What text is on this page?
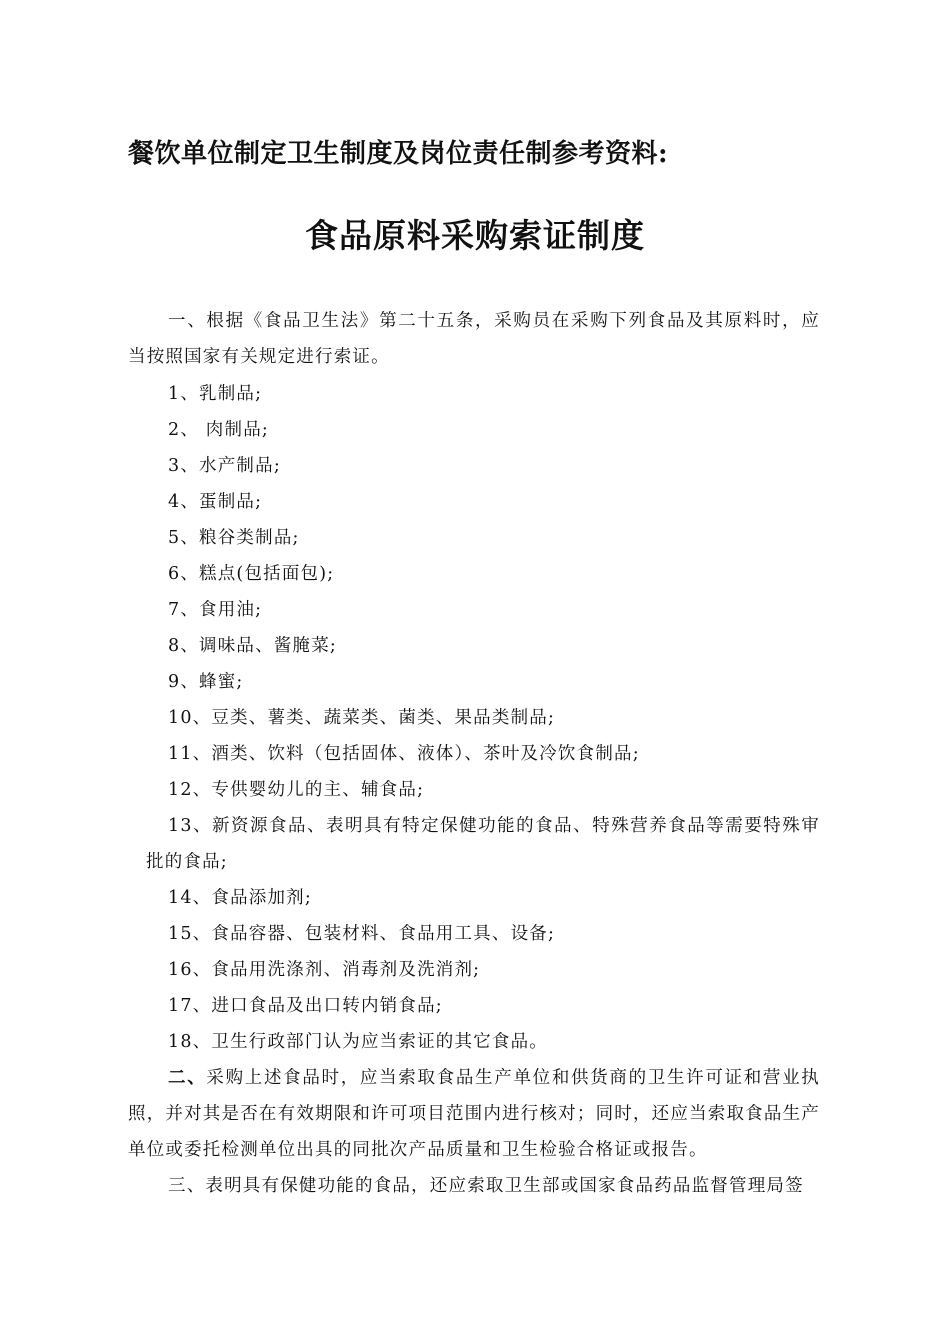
餐饮单位制定卫生制度及岗位责任制参考资料:
食品原料采购索证制度
一、根据《食品卫生法》第二十五条，采购员在采购下列食品及其原料时，应当按照国家有关规定进行索证。
1、乳制品;
2、 肉制品;
3、水产制品;
4、蛋制品;
5、粮谷类制品;
6、糕点(包括面包);
7、食用油;
8、调味品、酱腌菜;
9、蜂蜜;
10、豆类、薯类、蔬菜类、菌类、果品类制品;
11、酒类、饮料（包括固体、液体）、茶叶及冷饮食制品;
12、专供婴幼儿的主、辅食品;
13、新资源食品、表明具有特定保健功能的食品、特殊营养食品等需要特殊审批的食品;
14、食品添加剂;
15、食品容器、包装材料、食品用工具、设备;
16、食品用洗涤剂、消毒剂及洗消剂;
17、进口食品及出口转内销食品;
18、卫生行政部门认为应当索证的其它食品。
二、采购上述食品时，应当索取食品生产单位和供货商的卫生许可证和营业执照，并对其是否在有效期限和许可项目范围内进行核对；同时，还应当索取食品生产单位或委托检测单位出具的同批次产品质量和卫生检验合格证或报告。
三、表明具有保健功能的食品，还应索取卫生部或国家食品药品监督管理局签
